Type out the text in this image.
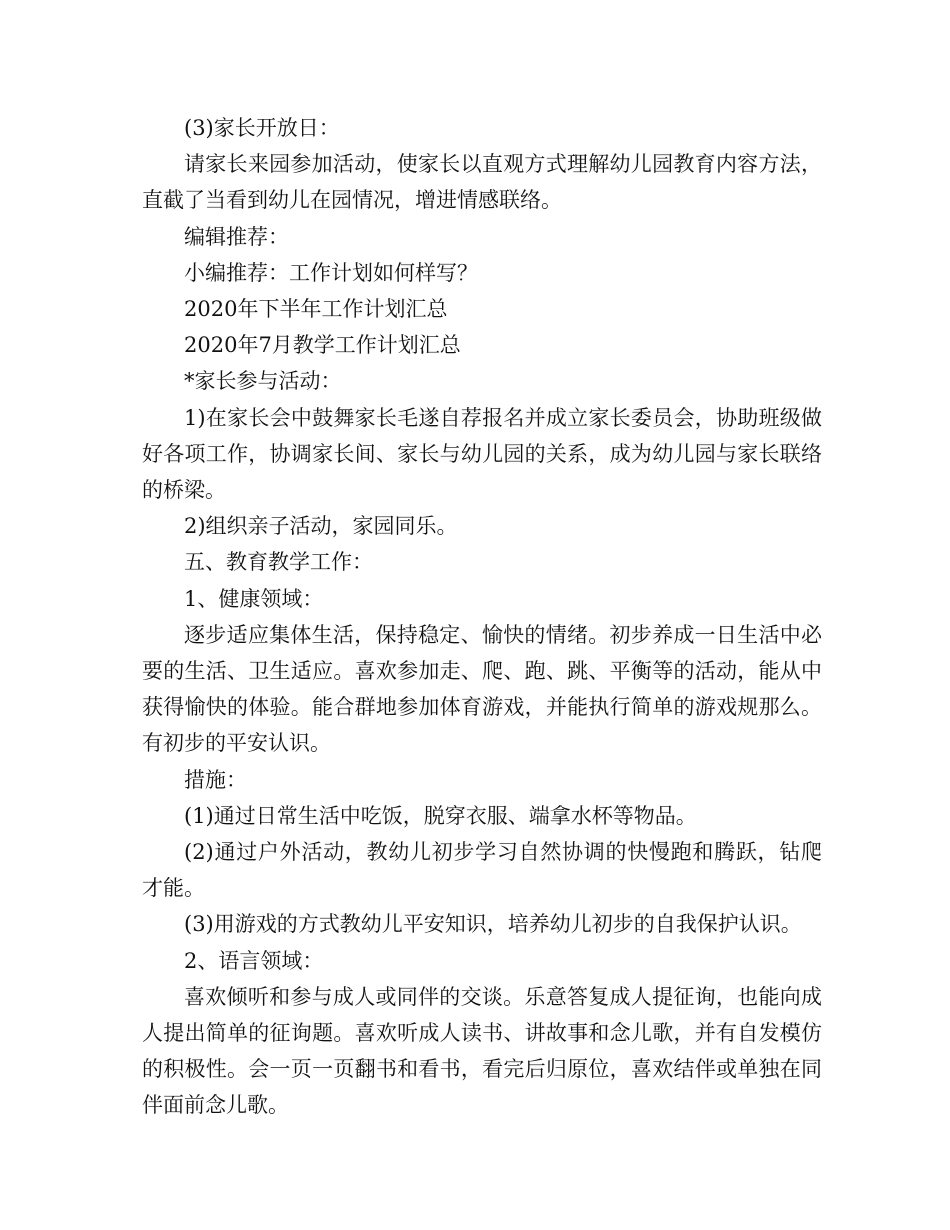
(3)家长开放日：

请家长来园参加活动，使家长以直观方式理解幼儿园教育内容方法，直截了当看到幼儿在园情况，增进情感联络。

编辑推荐：

小编推荐：工作计划如何样写？

2020年下半年工作计划汇总

2020年7月教学工作计划汇总

*家长参与活动：

1)在家长会中鼓舞家长毛遂自荐报名并成立家长委员会，协助班级做好各项工作，协调家长间、家长与幼儿园的关系，成为幼儿园与家长联络的桥梁。

2)组织亲子活动，家园同乐。

五、教育教学工作：

1、健康领域：

逐步适应集体生活，保持稳定、愉快的情绪。初步养成一日生活中必要的生活、卫生适应。喜欢参加走、爬、跑、跳、平衡等的活动，能从中获得愉快的体验。能合群地参加体育游戏，并能执行简单的游戏规那么。有初步的平安认识。

措施：

(1)通过日常生活中吃饭，脱穿衣服、端拿水杯等物品。

(2)通过户外活动，教幼儿初步学习自然协调的快慢跑和腾跃，钻爬才能。

(3)用游戏的方式教幼儿平安知识，培养幼儿初步的自我保护认识。

2、语言领域：

喜欢倾听和参与成人或同伴的交谈。乐意答复成人提征询，也能向成人提出简单的征询题。喜欢听成人读书、讲故事和念儿歌，并有自发模仿的积极性。会一页一页翻书和看书，看完后归原位，喜欢结伴或单独在同伴面前念儿歌。
